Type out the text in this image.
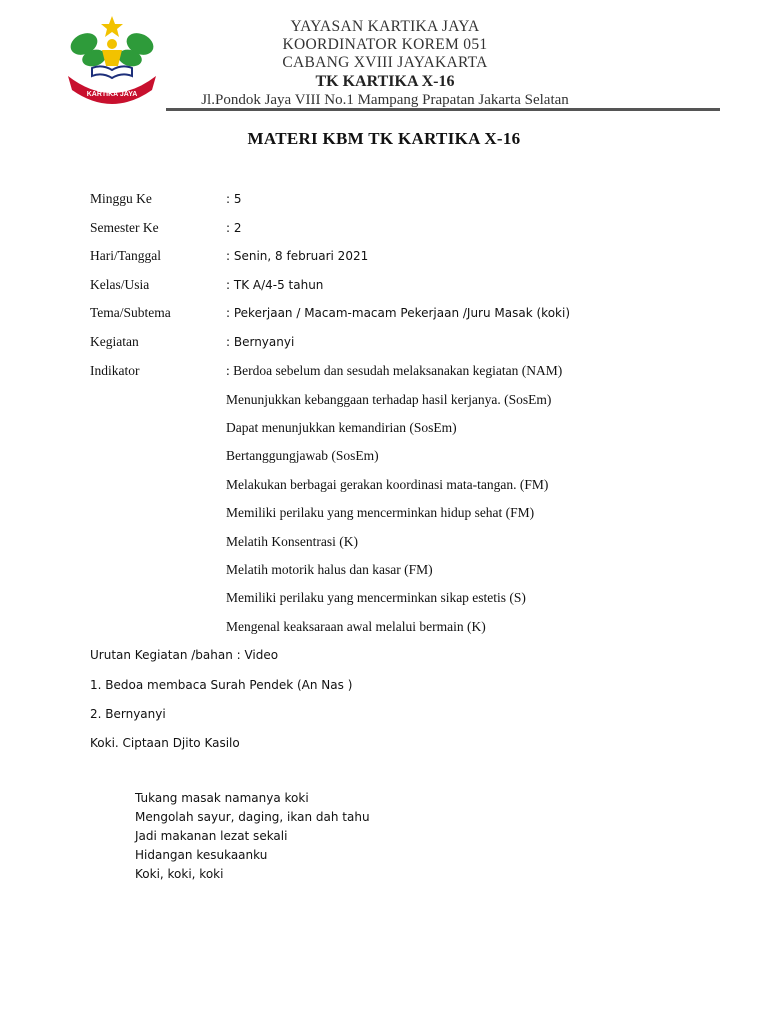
KARTIKA JAYA
YAYASAN KARTIKA JAYA
KOORDINATOR KOREM 051
CABANG XVIII JAYAKARTA
TK KARTIKA X-16
Jl.Pondok Jaya VIII No.1 Mampang Prapatan Jakarta Selatan
MATERI KBM TK KARTIKA X-16
Minggu Ke	: 5
Semester Ke	: 2
Hari/Tanggal	: Senin, 8 februari 2021
Kelas/Usia	: TK A/4-5 tahun
Tema/Subtema	: Pekerjaan / Macam-macam Pekerjaan /Juru Masak (koki)
Kegiatan	: Bernyanyi
Indikator	: Berdoa sebelum dan sesudah melaksanakan kegiatan (NAM)
Menunjukkan kebanggaan terhadap hasil kerjanya. (SosEm)
Dapat menunjukkan kemandirian (SosEm)
Bertanggungjawab (SosEm)
Melakukan berbagai gerakan koordinasi mata-tangan. (FM)
Memiliki perilaku yang mencerminkan hidup sehat (FM)
Melatih Konsentrasi (K)
Melatih motorik halus dan kasar (FM)
Memiliki perilaku yang mencerminkan sikap estetis (S)
Mengenal keaksaraan awal melalui bermain (K)
Urutan Kegiatan /bahan : Video
1. Bedoa membaca Surah Pendek (An Nas )
2. Bernyanyi
Koki. Ciptaan Djito Kasilo
Tukang masak namanya koki
Mengolah sayur, daging, ikan dah tahu
Jadi makanan lezat sekali
Hidangan kesukaanku
Koki, koki, koki
